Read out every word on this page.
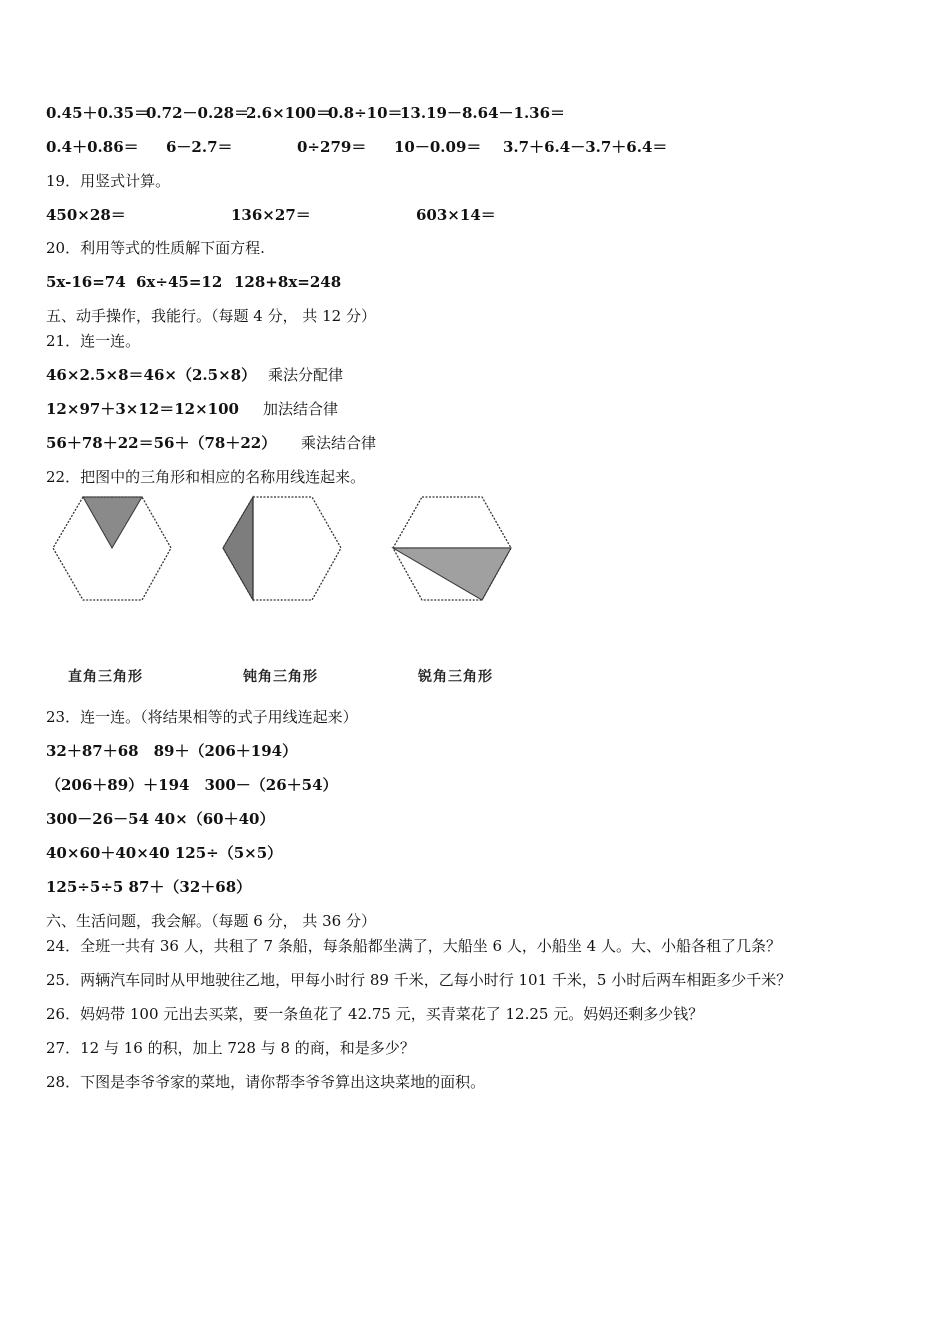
0.45＋0.35＝
0.72－0.28＝
2.6×100＝
0.8÷10＝
13.19－8.64－1.36＝
0.4＋0.86＝ 6－2.7＝	0÷279＝ 10－0.09＝ 3.7＋6.4－3.7＋6.4＝
19．用竖式计算。
450×28＝	136×27＝	603×14＝
20．利用等式的性质解下面方程.
5x-16=74 6x÷45=12 128+8x=248
五、动手操作，我能行。（每题 4 分， 共 12 分）
21．连一连。
46×2.5×8＝46×（2.5×8） 乘法分配律
12×97＋3×12＝12×100 加法结合律
56＋78＋22＝56＋（78＋22） 乘法结合律
22．把图中的三角形和相应的名称用线连起来。
直角三角形	钝角三角形	锐角三角形
23．连一连。（将结果相等的式子用线连起来）
32＋87＋68　89＋（206＋194）
（206＋89）＋194　300－（26＋54）
300－26－54 40×（60＋40）
40×60＋40×40 125÷（5×5）
125÷5÷5 87＋（32＋68）
六、生活问题，我会解。（每题 6 分， 共 36 分）
24．全班一共有 36 人，共租了 7 条船，每条船都坐满了，大船坐 6 人，小船坐 4 人。大、小船各租了几条？
25．两辆汽车同时从甲地驶往乙地，甲每小时行 89 千米，乙每小时行 101 千米，5 小时后两车相距多少千米？
26．妈妈带 100 元出去买菜，要一条鱼花了 42.75 元，买青菜花了 12.25 元。妈妈还剩多少钱？
27．12 与 16 的积，加上 728 与 8 的商，和是多少？
28．下图是李爷爷家的菜地，请你帮李爷爷算出这块菜地的面积。
